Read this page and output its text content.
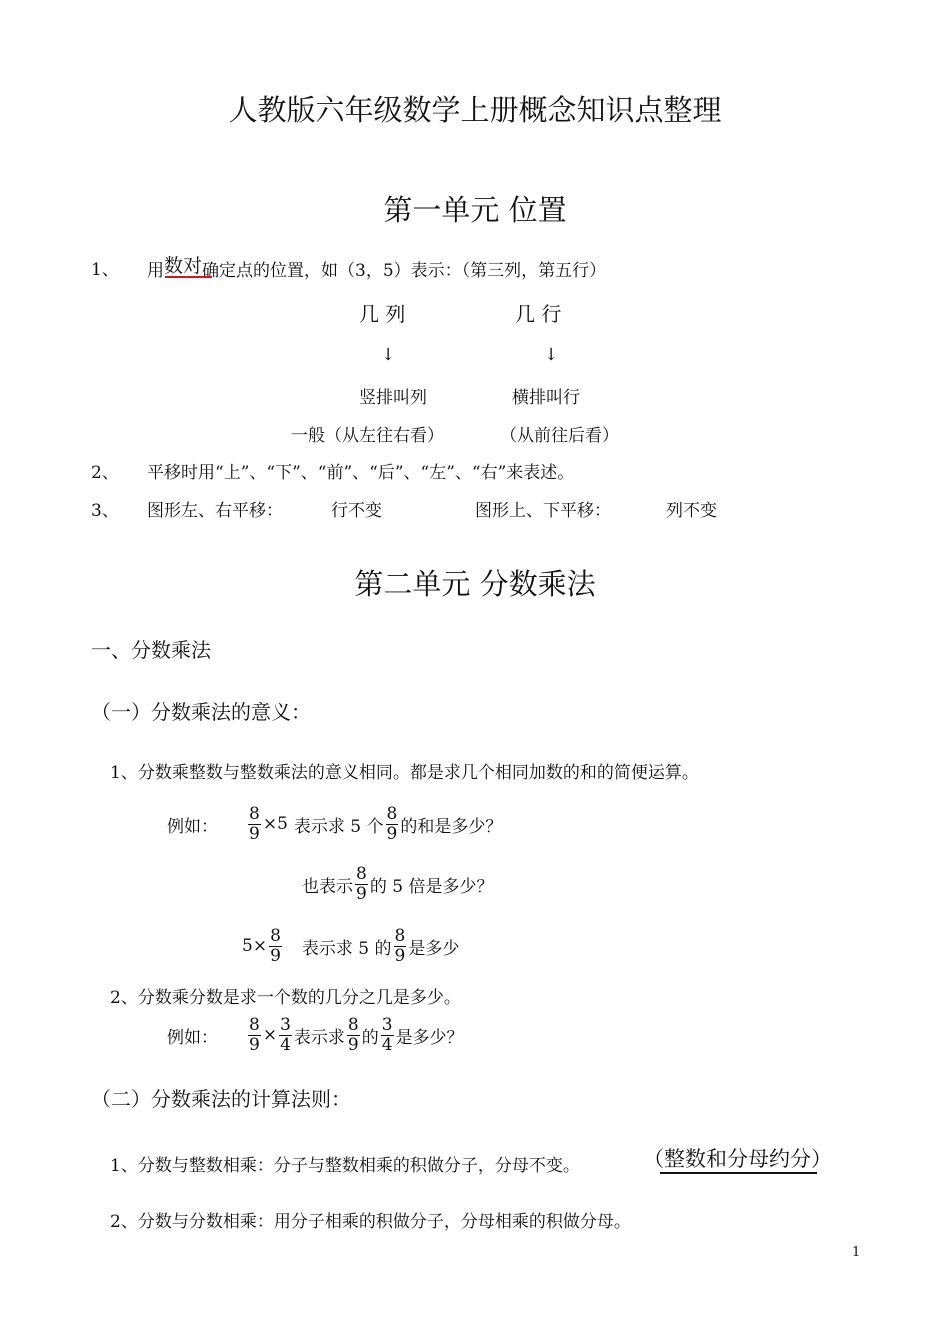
人教版六年级数学上册概念知识点整理
第一单元 位置
1、 用数对确定点的位置，如（3，5）表示：（第三列，第五行）
几 列	几 行
↓	↓
竖排叫列	横排叫行
一般（从左往右看）	（从前往后看）
2、 平移时用“上”、“下”、“前”、“后”、“左”、“右”来表述。
3、 图形左、右平移：	行不变	图形上、下平移：	列不变
第二单元 分数乘法
一、分数乘法
（一）分数乘法的意义：
1、分数乘整数与整数乘法的意义相同。都是求几个相同加数的和的简便运算。
例如： $\frac{8}{9} \times 5$ 表示求 5 个 $\frac{8}{9}$ 的和是多少？
也表示 $\frac{8}{9}$ 的 5 倍是多少？
$5\times \frac{8}{9}$ 表示求 5 的 $\frac{8}{9}$ 是多少
2、分数乘分数是求一个数的几分之几是多少。
例如： $\frac{8}{9} \times \frac{3}{4}$ 表示求 $\frac{8}{9}$ 的 $\frac{3}{4}$ 是多少？
（二）分数乘法的计算法则：
1、分数与整数相乘：分子与整数相乘的积做分子，分母不变。	（整数和分母约分）
2、分数与分数相乘：用分子相乘的积做分子，分母相乘的积做分母。
1
